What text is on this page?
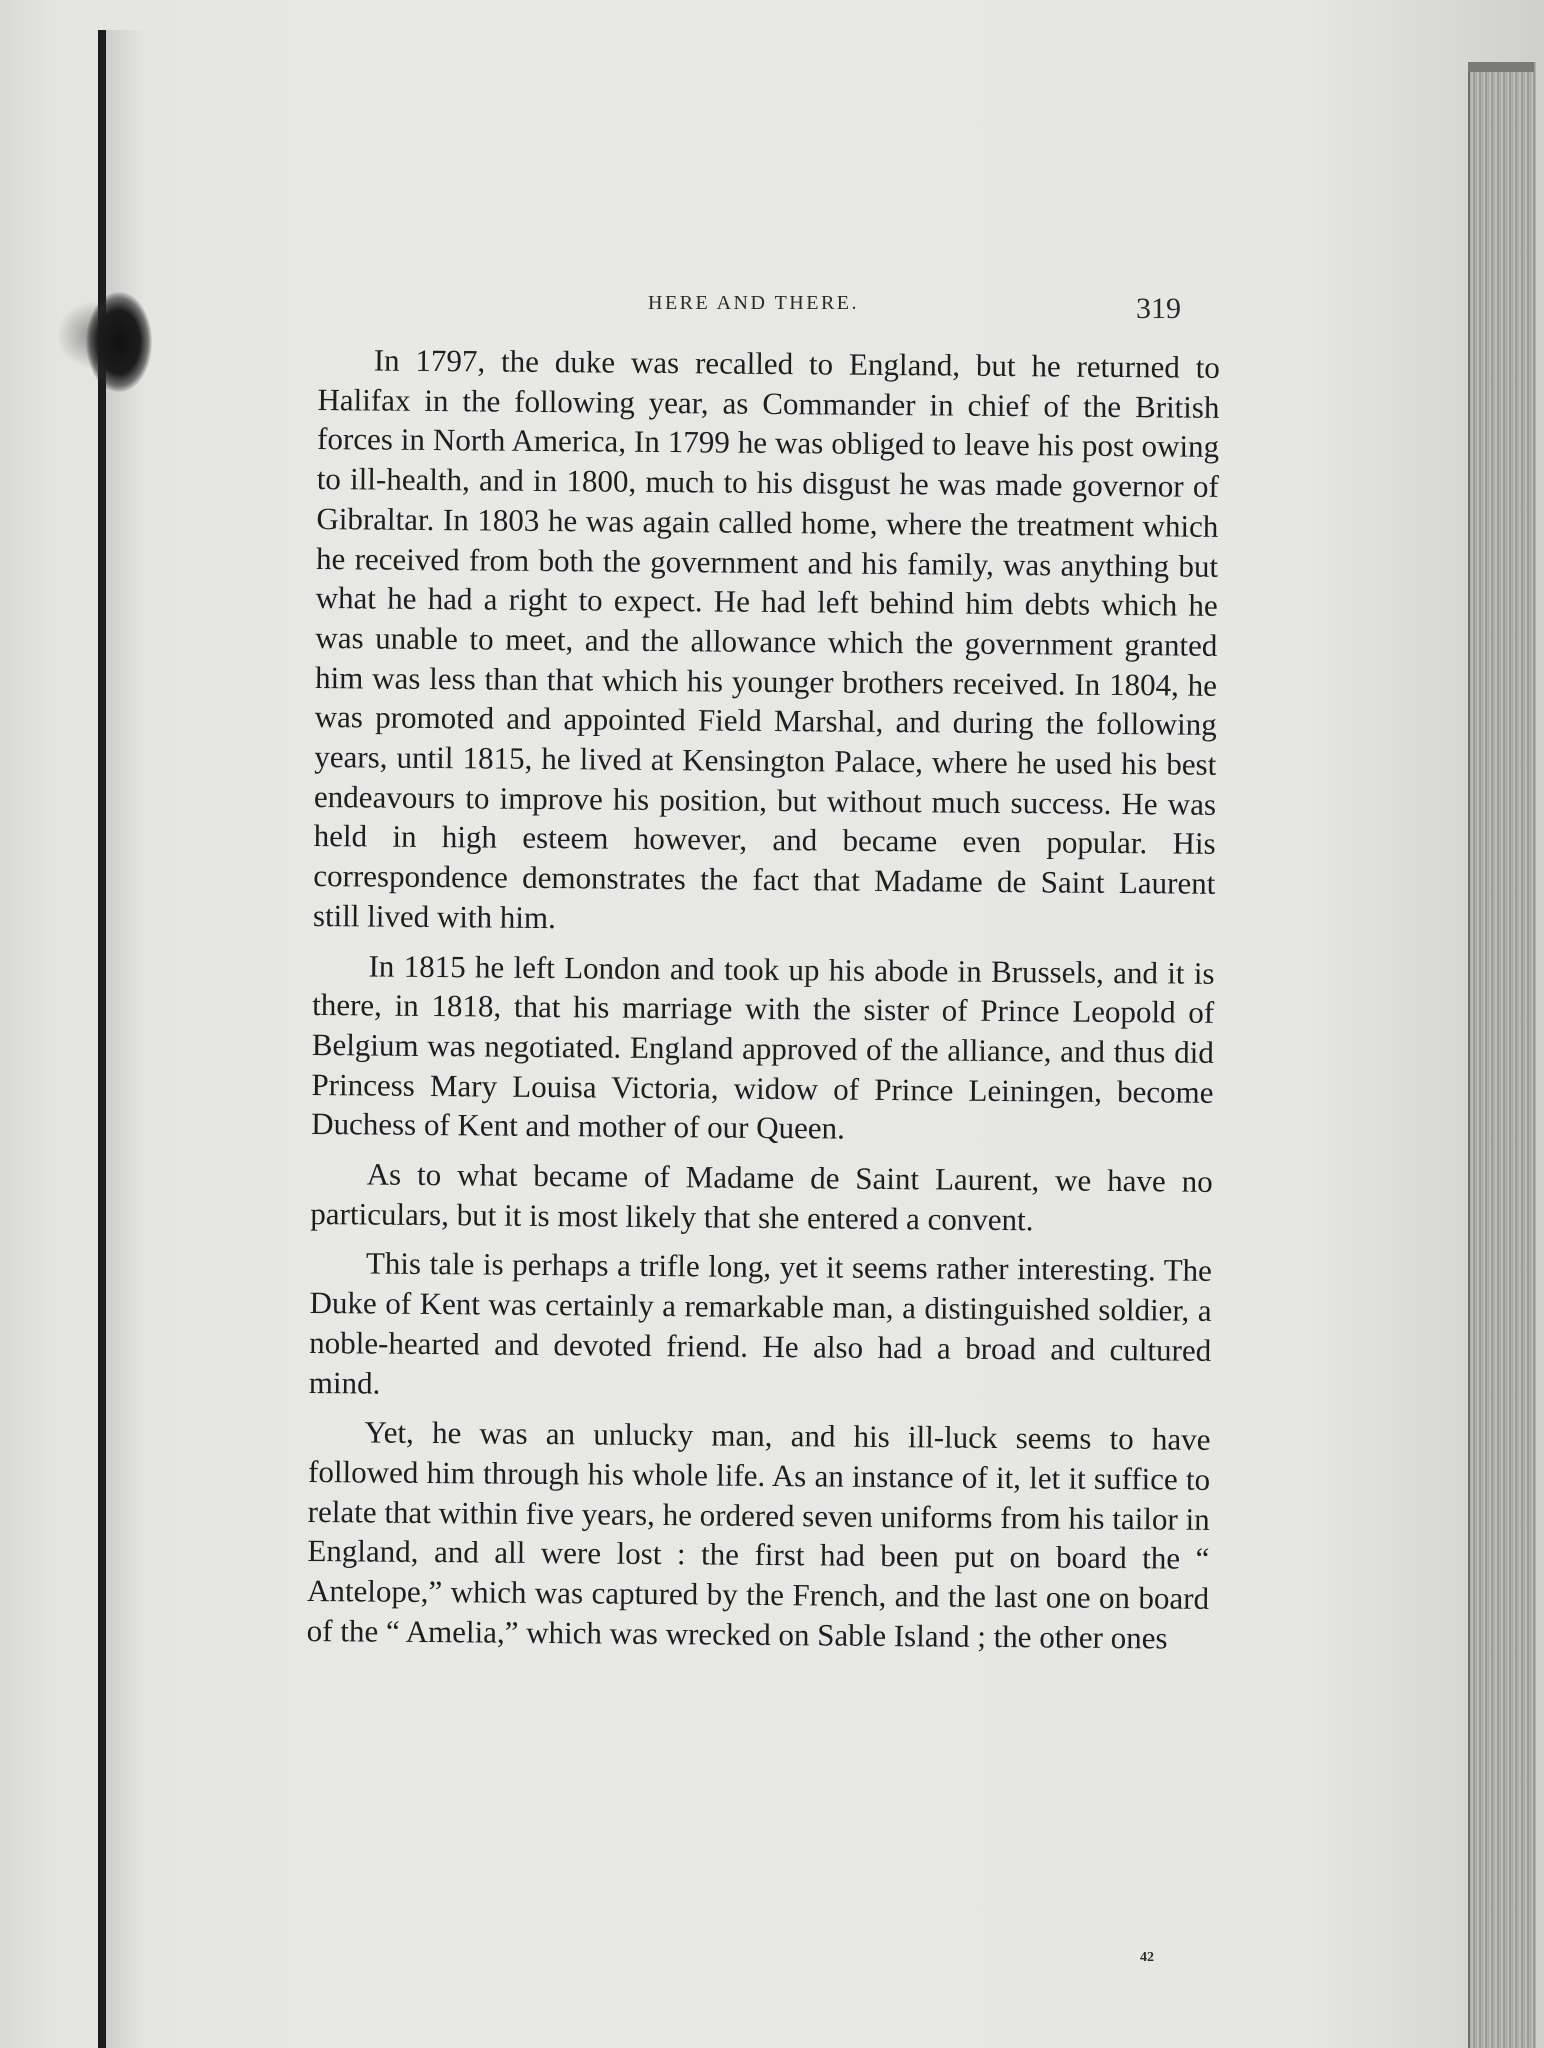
HERE AND THERE.	319

In 1797, the duke was recalled to England, but he returned to Halifax in the following year, as Commander in chief of the British forces in North America, In 1799 he was obliged to leave his post owing to ill-health, and in 1800, much to his disgust he was made governor of Gibraltar. In 1803 he was again called home, where the treatment which he received from both the government and his family, was anything but what he had a right to expect. He had left behind him debts which he was unable to meet, and the allowance which the government granted him was less than that which his younger brothers received. In 1804, he was promoted and appointed Field Marshal, and during the following years, until 1815, he lived at Kensington Palace, where he used his best endeavours to improve his position, but without much success. He was held in high esteem however, and became even popular. His correspondence demonstrates the fact that Madame de Saint Laurent still lived with him.

In 1815 he left London and took up his abode in Brussels, and it is there, in 1818, that his marriage with the sister of Prince Leopold of Belgium was negotiated. England approved of the alliance, and thus did Princess Mary Louisa Victoria, widow of Prince Leiningen, become Duchess of Kent and mother of our Queen.

As to what became of Madame de Saint Laurent, we have no particulars, but it is most likely that she entered a convent.

This tale is perhaps a trifle long, yet it seems rather interesting. The Duke of Kent was certainly a remarkable man, a distinguished soldier, a noble-hearted and devoted friend. He also had a broad and cultured mind.

Yet, he was an unlucky man, and his ill-luck seems to have followed him through his whole life. As an instance of it, let it suffice to relate that within five years, he ordered seven uniforms from his tailor in England, and all were lost : the first had been put on board the “ Antelope,” which was captured by the French, and the last one on board of the “ Amelia,” which was wrecked on Sable Island ; the other ones

42
